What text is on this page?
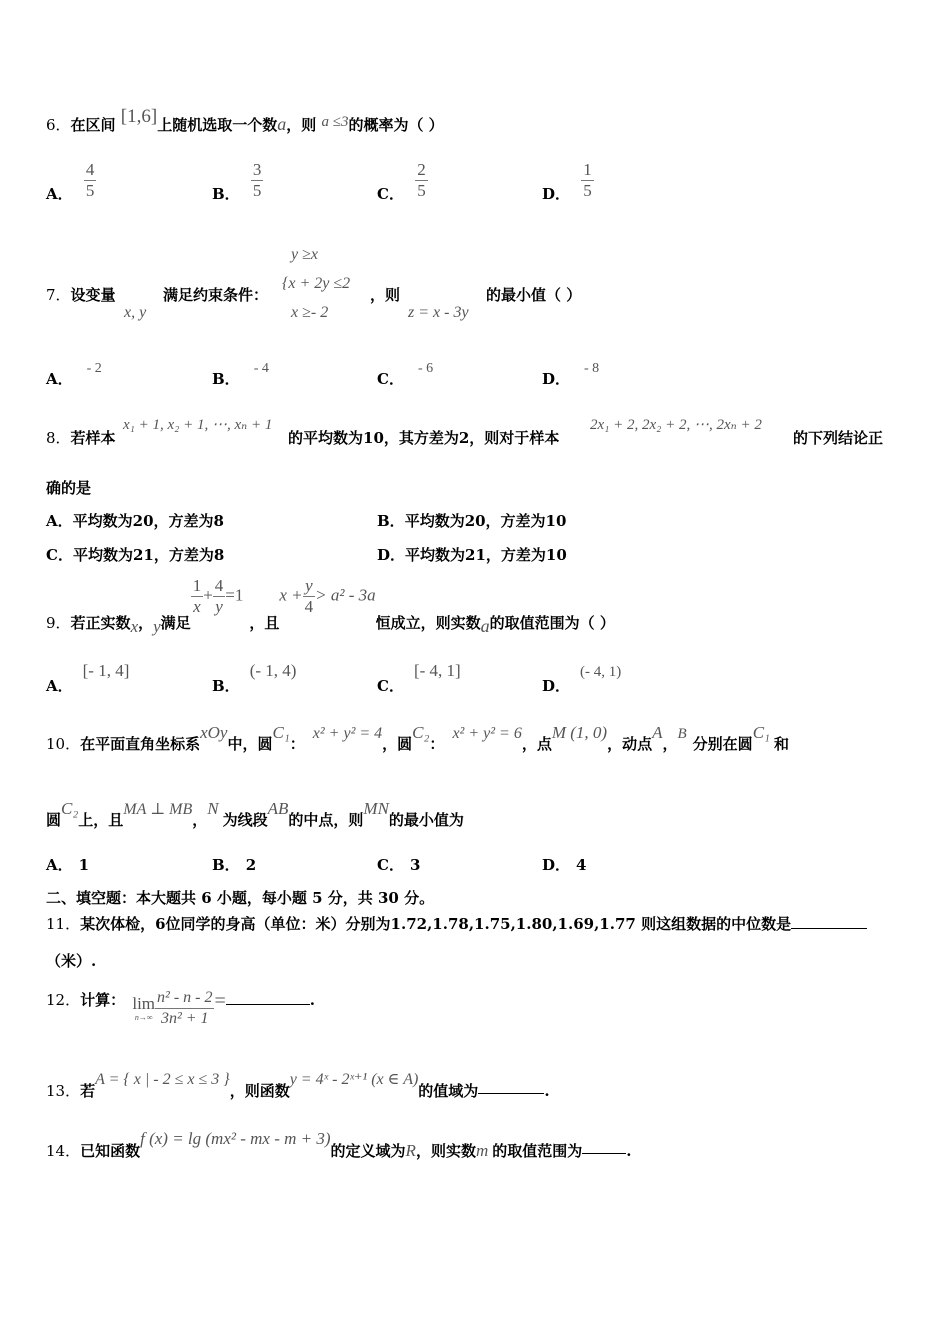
6．在区间 [1,6]上随机选取一个数a，则 a ≤3的概率为（ ）
A． $\frac{4}{5}$	B． $\frac{3}{5}$	C． $\frac{2}{5}$	D． $\frac{1}{5}$
7．设变量
x, y
满足约束条件：
y ≥x
{x + 2y ≤2
x ≥- 2
，则
z = x - 3y
的最小值（ ）
A．- 2
B．- 4
C．- 6
D．- 8
8．若样本
x₁ + 1, x₂ + 1, ⋯, xₙ + 1
的平均数为10，其方差为2，则对于样本
2x₁ + 2, 2x₂ + 2, ⋯, 2xₙ + 2
的下列结论正
确的是
A．平均数为20，方差为8	B．平均数为20，方差为10
C．平均数为21，方差为8	D．平均数为21，方差为10
9．若正实数x，y满足
$\frac{1}{x} + \frac{4}{y} =1$，且$x + \frac{y}{4} > a^2 - 3a$恒成立，则实数a的取值范围为（ ）
A．[- 1, 4]
B．(- 1, 4)
C．[- 4, 1]
D．(- 4, 1)
10．在平面直角坐标系xOy中，圆C₁：x² + y² = 4，圆C₂：x² + y² = 6，点M (1, 0)，动点A，B分别在圆C₁和
圆C₂上，且MA ⊥ MB，N为线段AB的中点，则MN的最小值为
A． 1	B． 2	C． 3	D． 4
二、填空题：本大题共 6 小题，每小题 5 分，共 30 分。
11．某次体检，6位同学的身高（单位：米）分别为1.72,1.78,1.75,1.80,1.69,1.77 则这组数据的中位数是
（米）.
12．计算： lim
$n\to\infty \frac{\text{n² - n - 2}}{\text{3n² + 1}}$ =	.
13．若A = { x | - 2 ≤ x ≤ 3 }，则函数y = 4ˣ - 2ˣ⁺¹ (x ∈ A)的值域为	.
14．已知函数f (x) = lg (mx² - mx - m + 3)的定义域为R，则实数m 的取值范围为	.
